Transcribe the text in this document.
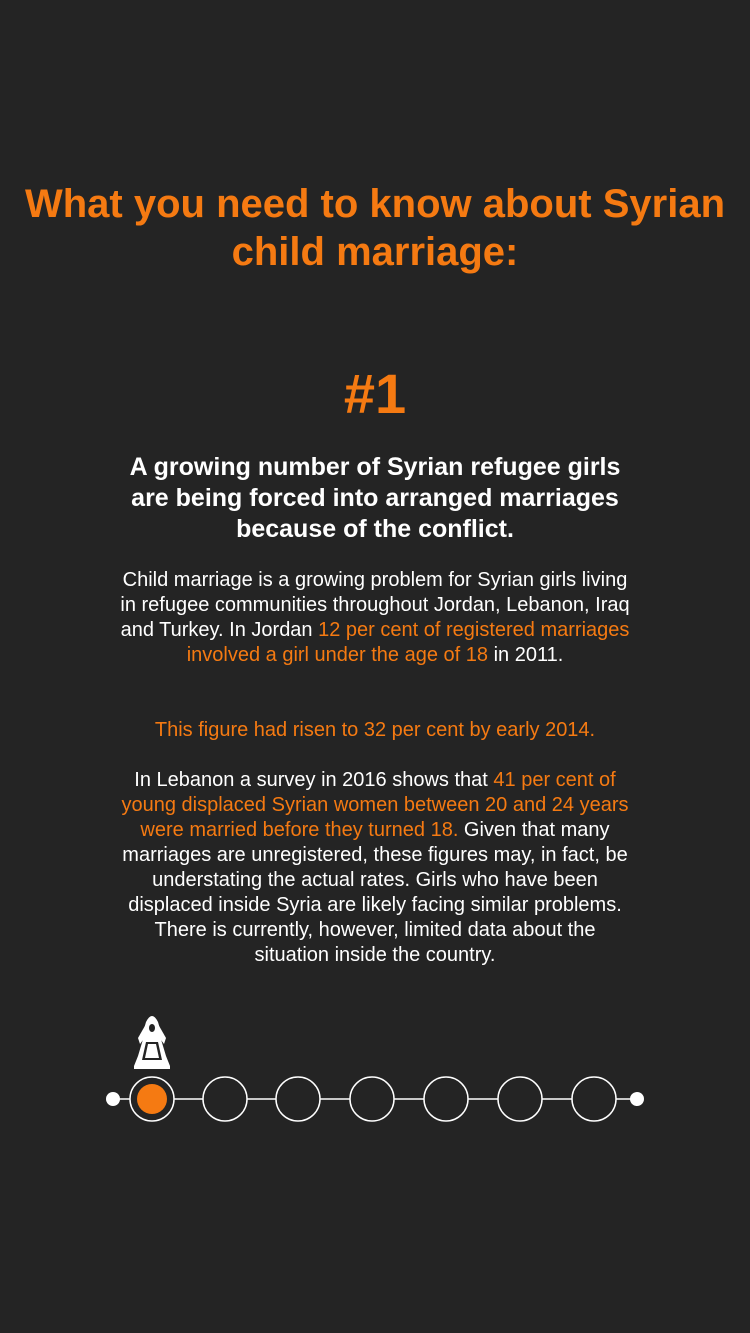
What you need to know about Syrian child marriage:
#1
A growing number of Syrian refugee girls are being forced into arranged marriages because of the conflict.

Child marriage is a growing problem for Syrian girls living in refugee communities throughout Jordan, Lebanon, Iraq and Turkey. In Jordan 12 per cent of registered marriages involved a girl under the age of 18 in 2011.

This figure had risen to 32 per cent by early 2014.

In Lebanon a survey in 2016 shows that 41 per cent of young displaced Syrian women between 20 and 24 years were married before they turned 18. Given that many marriages are unregistered, these figures may, in fact, be understating the actual rates. Girls who have been displaced inside Syria are likely facing similar problems. There is currently, however, limited data about the situation inside the country.
